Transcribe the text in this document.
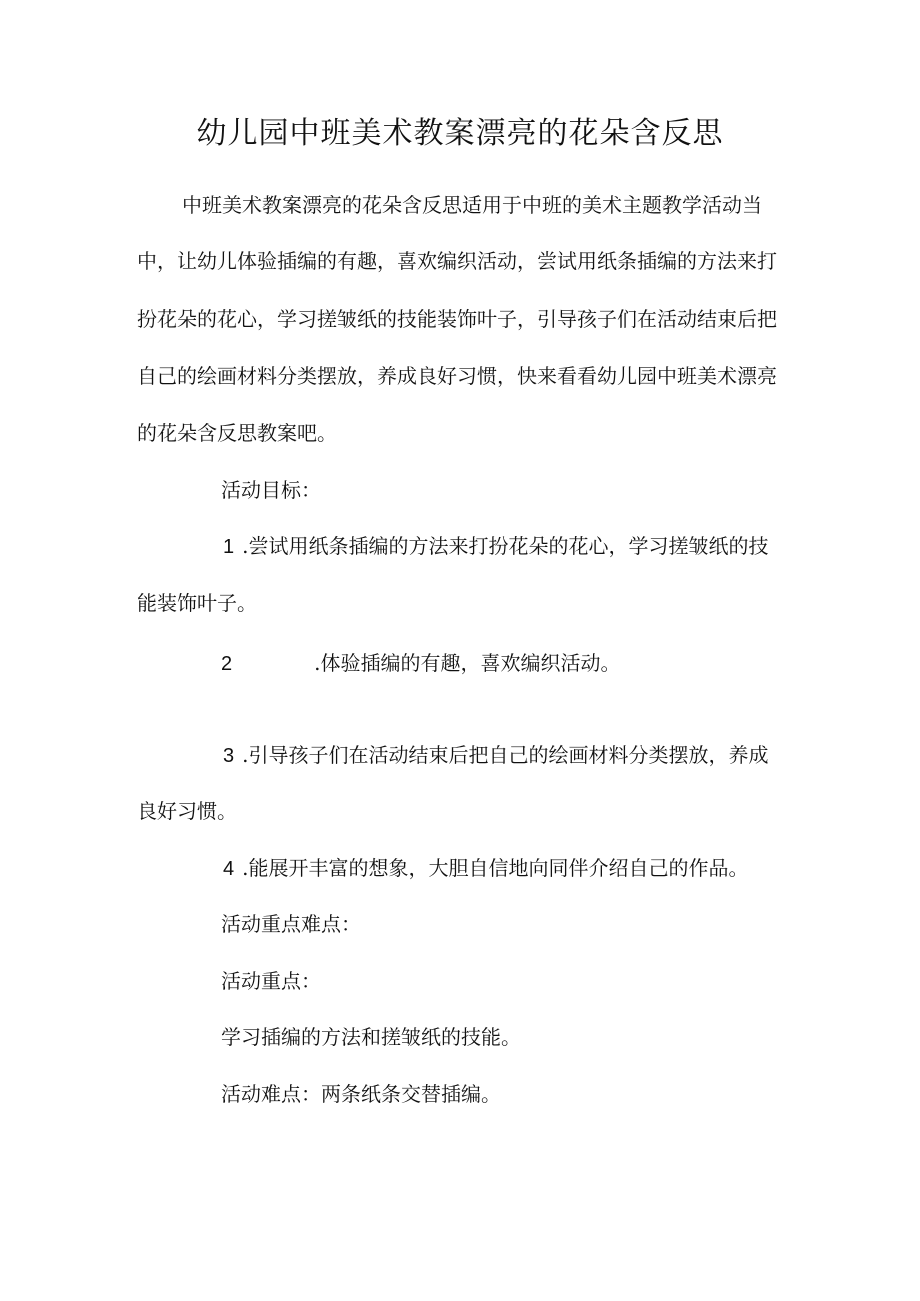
幼儿园中班美术教案漂亮的花朵含反思
中班美术教案漂亮的花朵含反思适用于中班的美术主题教学活动当
中，让幼儿体验插编的有趣，喜欢编织活动，尝试用纸条插编的方法来打
扮花朵的花心，学习搓皱纸的技能装饰叶子，引导孩子们在活动结束后把
自己的绘画材料分类摆放，养成良好习惯，快来看看幼儿园中班美术漂亮
的花朵含反思教案吧。
活动目标：
1 .尝试用纸条插编的方法来打扮花朵的花心，学习搓皱纸的技
能装饰叶子。
2	.体验插编的有趣，喜欢编织活动。
3 .引导孩子们在活动结束后把自己的绘画材料分类摆放，养成
良好习惯。
4 .能展开丰富的想象，大胆自信地向同伴介绍自己的作品。
活动重点难点：
活动重点：
学习插编的方法和搓皱纸的技能。
活动难点：两条纸条交替插编。
